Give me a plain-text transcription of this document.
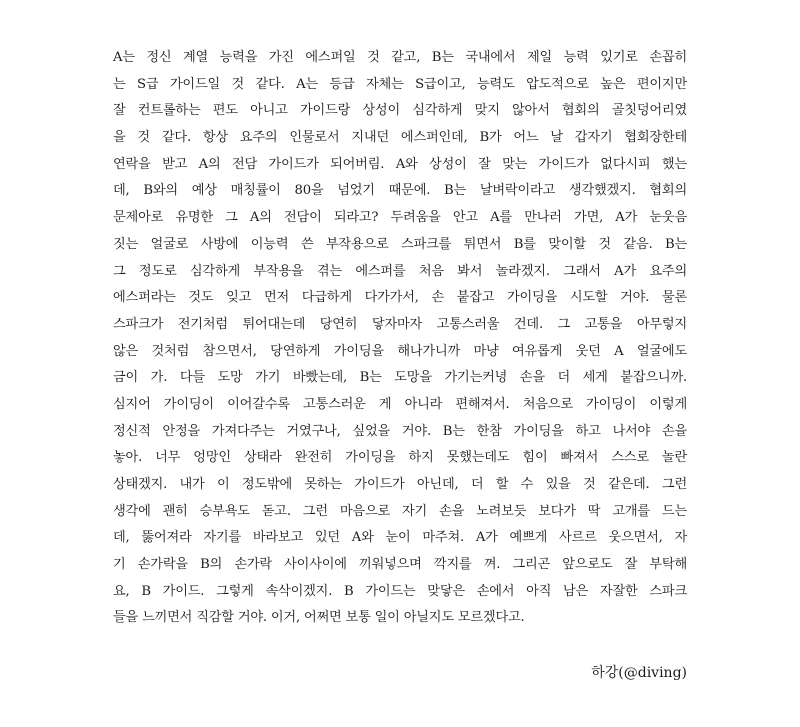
A는 정신 계열 능력을 가진 에스퍼일 것 같고, B는 국내에서 제일 능력 있기로 손꼽히
는 S급 가이드일 것 같다. A는 등급 자체는 S급이고, 능력도 압도적으로 높은 편이지만
잘 컨트롤하는 편도 아니고 가이드랑 상성이 심각하게 맞지 않아서 협회의 골칫덩어리였
을 것 같다. 항상 요주의 인물로서 지내던 에스퍼인데, B가 어느 날 갑자기 협회장한테
연락을 받고 A의 전담 가이드가 되어버림. A와 상성이 잘 맞는 가이드가 없다시피 했는
데, B와의 예상 매칭률이 80을 넘었기 때문에. B는 날벼락이라고 생각했겠지. 협회의
문제아로 유명한 그 A의 전담이 되라고? 두려움을 안고 A를 만나러 가면, A가 눈웃음
짓는 얼굴로 사방에 이능력 쓴 부작용으로 스파크를 튀면서 B를 맞이할 것 같음. B는
그 정도로 심각하게 부작용을 겪는 에스퍼를 처음 봐서 놀라겠지. 그래서 A가 요주의
에스퍼라는 것도 잊고 먼저 다급하게 다가가서, 손 붙잡고 가이딩을 시도할 거야. 물론
스파크가 전기처럼 튀어대는데 당연히 닿자마자 고통스러울 건데. 그 고통을 아무렇지
않은 것처럼 참으면서, 당연하게 가이딩을 해나가니까 마냥 여유롭게 웃던 A 얼굴에도
금이 가. 다들 도망 가기 바빴는데, B는 도망을 가기는커녕 손을 더 세게 붙잡으니까.
심지어 가이딩이 이어갈수록 고통스러운 게 아니라 편해져서. 처음으로 가이딩이 이렇게
정신적 안정을 가져다주는 거였구나, 싶었을 거야. B는 한참 가이딩을 하고 나서야 손을
놓아. 너무 엉망인 상태라 완전히 가이딩을 하지 못했는데도 힘이 빠져서 스스로 놀란
상태겠지. 내가 이 정도밖에 못하는 가이드가 아닌데, 더 할 수 있을 것 같은데. 그런
생각에 괜히 승부욕도 돋고. 그런 마음으로 자기 손을 노려보듯 보다가 딱 고개를 드는
데, 뚫어져라 자기를 바라보고 있던 A와 눈이 마주쳐. A가 예쁘게 사르르 웃으면서, 자
기 손가락을 B의 손가락 사이사이에 끼워넣으며 깍지를 껴. 그리곤 앞으로도 잘 부탁해
요, B 가이드. 그렇게 속삭이겠지. B 가이드는 맞닿은 손에서 아직 남은 자잘한 스파크
들을 느끼면서 직감할 거야. 이거, 어쩌면 보통 일이 아닐지도 모르겠다고.
하강(@diving)
